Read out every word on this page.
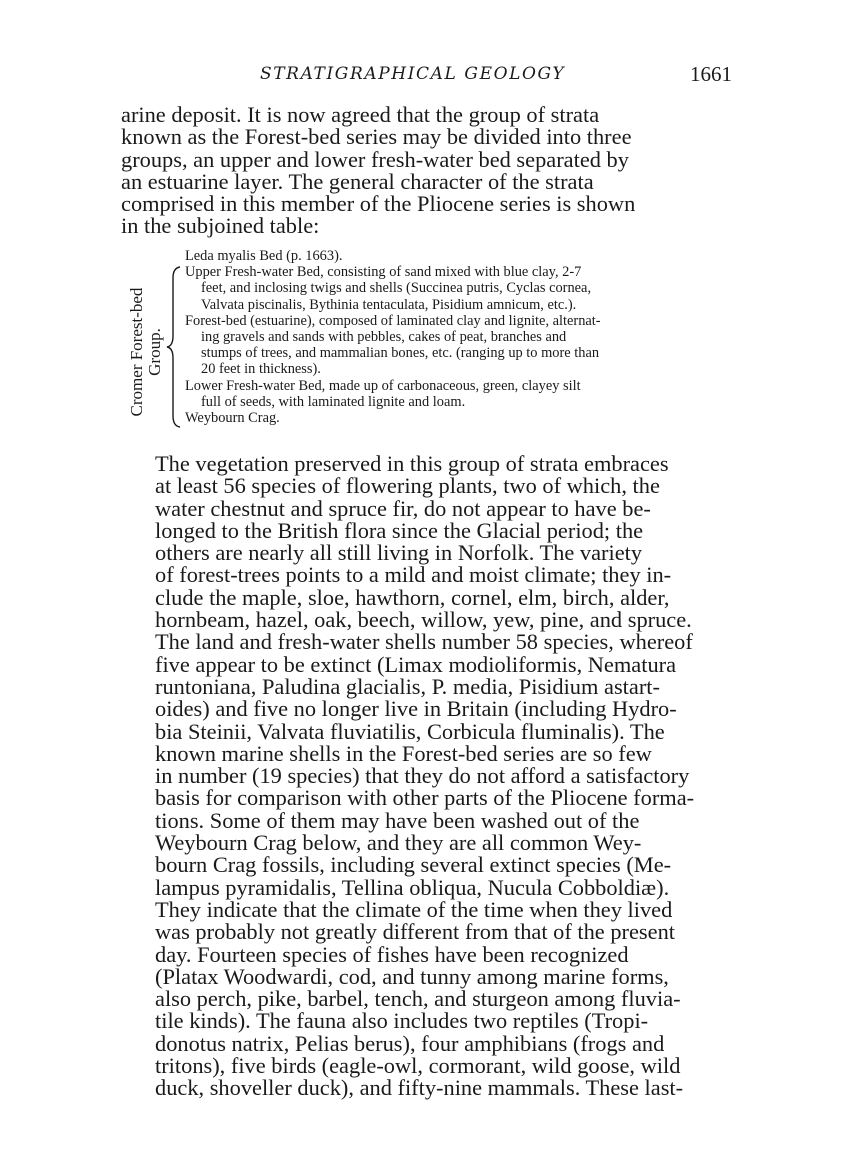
STRATIGRAPHICAL GEOLOGY	1661
arine deposit. It is now agreed that the group of strata
known as the Forest-bed series may be divided into three
groups, an upper and lower fresh-water bed separated by
an estuarine layer. The general character of the strata
comprised in this member of the Pliocene series is shown
in the subjoined table:
Cromer Forest-bed Group.
Leda myalis Bed (p. 1663).
Upper Fresh-water Bed, consisting of sand mixed with blue clay, 2-7
feet, and inclosing twigs and shells (Succinea putris, Cyclas cornea,
Valvata piscinalis, Bythinia tentaculata, Pisidium amnicum, etc.).
Forest-bed (estuarine), composed of laminated clay and lignite, alternat-
ing gravels and sands with pebbles, cakes of peat, branches and
stumps of trees, and mammalian bones, etc. (ranging up to more than
20 feet in thickness).
Lower Fresh-water Bed, made up of carbonaceous, green, clayey silt
full of seeds, with laminated lignite and loam.
Weybourn Crag.
The vegetation preserved in this group of strata embraces
at least 56 species of flowering plants, two of which, the
water chestnut and spruce fir, do not appear to have be-
longed to the British flora since the Glacial period; the
others are nearly all still living in Norfolk. The variety
of forest-trees points to a mild and moist climate; they in-
clude the maple, sloe, hawthorn, cornel, elm, birch, alder,
hornbeam, hazel, oak, beech, willow, yew, pine, and spruce.
The land and fresh-water shells number 58 species, whereof
five appear to be extinct (Limax modioliformis, Nematura
runtoniana, Paludina glacialis, P. media, Pisidium astart-
oides) and five no longer live in Britain (including Hydro-
bia Steinii, Valvata fluviatilis, Corbicula fluminalis). The
known marine shells in the Forest-bed series are so few
in number (19 species) that they do not afford a satisfactory
basis for comparison with other parts of the Pliocene forma-
tions. Some of them may have been washed out of the
Weybourn Crag below, and they are all common Wey-
bourn Crag fossils, including several extinct species (Me-
lampus pyramidalis, Tellina obliqua, Nucula Cobboldiæ).
They indicate that the climate of the time when they lived
was probably not greatly different from that of the present
day. Fourteen species of fishes have been recognized
(Platax Woodwardi, cod, and tunny among marine forms,
also perch, pike, barbel, tench, and sturgeon among fluvia-
tile kinds). The fauna also includes two reptiles (Tropi-
donotus natrix, Pelias berus), four amphibians (frogs and
tritons), five birds (eagle-owl, cormorant, wild goose, wild
duck, shoveller duck), and fifty-nine mammals. These last-
